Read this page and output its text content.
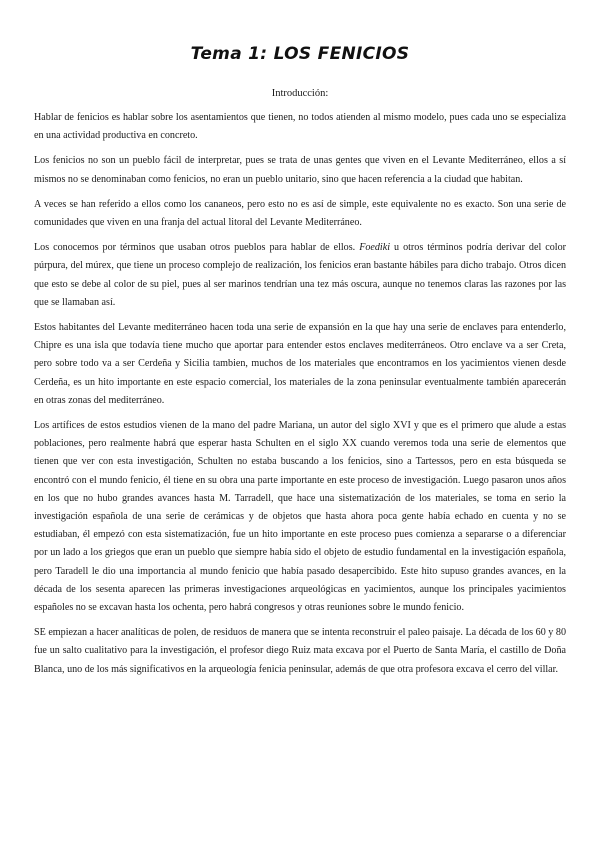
Tema 1: LOS FENICIOS
Introducción:

Hablar de fenicios es hablar sobre los asentamientos que tienen, no todos atienden al mismo modelo, pues cada uno se especializa en una actividad productiva en concreto.

Los fenicios no son un pueblo fácil de interpretar, pues se trata de unas gentes que viven en el Levante Mediterráneo, ellos a sí mismos no se denominaban como fenicios, no eran un pueblo unitario, sino que hacen referencia a la ciudad que habitan.

A veces se han referido a ellos como los cananeos, pero esto no es así de simple, este equivalente no es exacto. Son una serie de comunidades que viven en una franja del actual litoral del Levante Mediterráneo.

Los conocemos por términos que usaban otros pueblos para hablar de ellos. Foediki u otros términos podría derivar del color púrpura, del múrex, que tiene un proceso complejo de realización, los fenicios eran bastante hábiles para dicho trabajo. Otros dicen que esto se debe al color de su piel, pues al ser marinos tendrían una tez más oscura, aunque no tenemos claras las razones por las que se llamaban así.

Estos habitantes del Levante mediterráneo hacen toda una serie de expansión en la que hay una serie de enclaves para entenderlo, Chipre es una isla que todavía tiene mucho que aportar para entender estos enclaves mediterráneos. Otro enclave va a ser Creta, pero sobre todo va a ser Cerdeña y Sicilia tambien, muchos de los materiales que encontramos en los yacimientos vienen desde Cerdeña, es un hito importante en este espacio comercial, los materiales de la zona peninsular eventualmente también aparecerán en otras zonas del mediterráneo.

Los artífices de estos estudios vienen de la mano del padre Mariana, un autor del siglo XVI y que es el primero que alude a estas poblaciones, pero realmente habrá que esperar hasta Schulten en el siglo XX cuando veremos toda una serie de elementos que tienen que ver con esta investigación, Schulten no estaba buscando a los fenicios, sino a Tartessos, pero en esta búsqueda se encontró con el mundo fenicio, él tiene en su obra una parte importante en este proceso de investigación. Luego pasaron unos años en los que no hubo grandes avances hasta M. Tarradell, que hace una sistematización de los materiales, se toma en serio la investigación española de una serie de cerámicas y de objetos que hasta ahora poca gente había echado en cuenta y no se estudiaban, él empezó con esta sistematización, fue un hito importante en este proceso pues comienza a separarse o a diferenciar por un lado a los griegos que eran un pueblo que siempre había sido el objeto de estudio fundamental en la investigación española, pero Taradell le dio una importancia al mundo fenicio que había pasado desapercibido. Este hito supuso grandes avances, en la década de los sesenta aparecen las primeras investigaciones arqueológicas en yacimientos, aunque los principales yacimientos españoles no se excavan hasta los ochenta, pero habrá congresos y otras reuniones sobre le mundo fenicio.

SE empiezan a hacer analíticas de polen, de residuos de manera que se intenta reconstruir el paleo paisaje. La década de los 60 y 80 fue un salto cualitativo para la investigación, el profesor diego Ruiz mata excava por el Puerto de Santa María, el castillo de Doña Blanca, uno de los más significativos en la arqueología fenicia peninsular, además de que otra profesora excava el cerro del villar.
